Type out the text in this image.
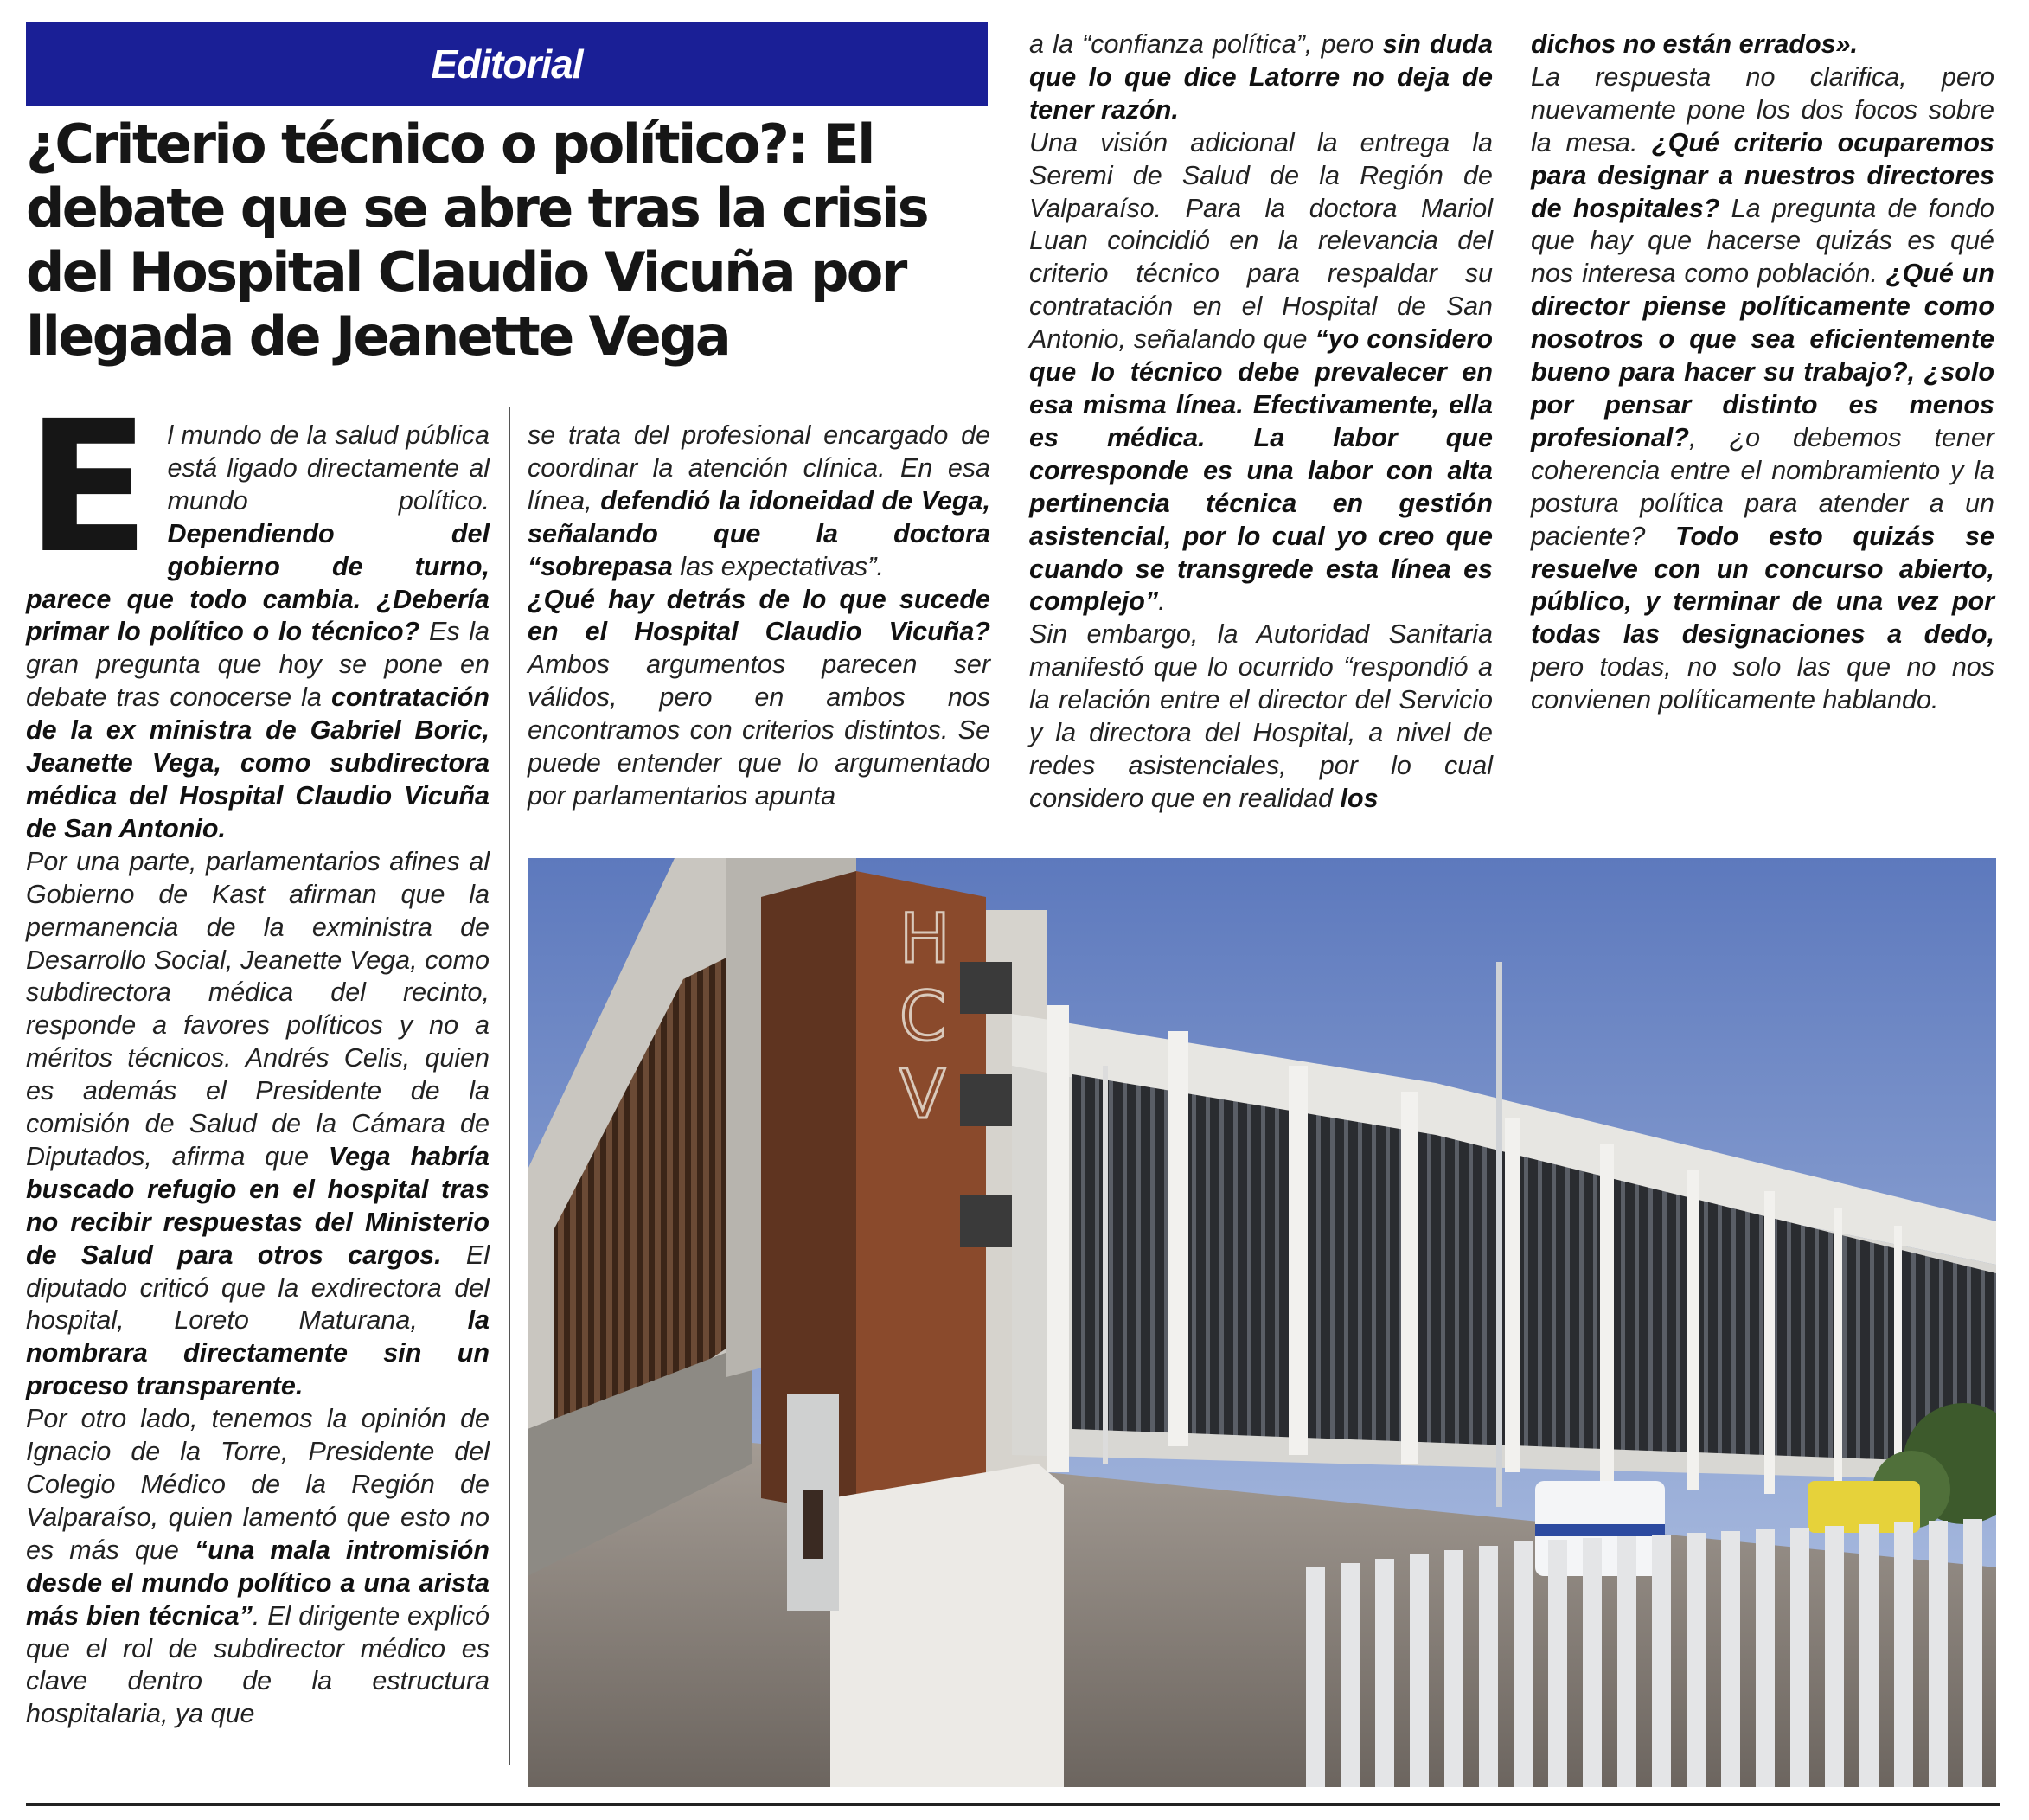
Editorial
¿Criterio técnico o político?: El debate que se abre tras la crisis del Hospital Claudio Vicuña por llegada de Jeanette Vega

El mundo de la salud pública está ligado directamente al mundo político. Dependiendo del gobierno de turno, parece que todo cambia. ¿Debería primar lo político o lo técnico? Es la gran pregunta que hoy se pone en debate tras conocerse la contratación de la ex ministra de Gabriel Boric, Jeanette Vega, como subdirectora médica del Hospital Claudio Vicuña de San Antonio.

Por una parte, parlamentarios afines al Gobierno de Kast afirman que la permanencia de la exministra de Desarrollo Social, Jeanette Vega, como subdirectora médica del recinto, responde a favores políticos y no a méritos técnicos. Andrés Celis, quien es además el Presidente de la comisión de Salud de la Cámara de Diputados, afirma que Vega habría buscado refugio en el hospital tras no recibir respuestas del Ministerio de Salud para otros cargos. El diputado criticó que la exdirectora del hospital, Loreto Maturana, la nombrara directamente sin un proceso transparente.

Por otro lado, tenemos la opinión de Ignacio de la Torre, Presidente del Colegio Médico de la Región de Valparaíso, quien lamentó que esto no es más que “una mala intromisión desde el mundo político a una arista más bien técnica”. El dirigente explicó que el rol de subdirector médico es clave dentro de la estructura hospitalaria, ya que

se trata del profesional encargado de coordinar la atención clínica. En esa línea, defendió la idoneidad de Vega, señalando que la doctora “sobrepasa las expectativas”.

¿Qué hay detrás de lo que sucede en el Hospital Claudio Vicuña? Ambos argumentos parecen ser válidos, pero en ambos nos encontramos con criterios distintos. Se puede entender que lo argumentado por parlamentarios apunta

a la “confianza política”, pero sin duda que lo que dice Latorre no deja de tener razón.

Una visión adicional la entrega la Seremi de Salud de la Región de Valparaíso. Para la doctora Mariol Luan coincidió en la relevancia del criterio técnico para respaldar su contratación en el Hospital de San Antonio, señalando que “yo considero que lo técnico debe prevalecer en esa misma línea. Efectivamente, ella es médica. La labor que corresponde es una labor con alta pertinencia técnica en gestión asistencial, por lo cual yo creo que cuando se transgrede esta línea es complejo”.

Sin embargo, la Autoridad Sanitaria manifestó que lo ocurrido “respondió a la relación entre el director del Servicio y la directora del Hospital, a nivel de redes asistenciales, por lo cual considero que en realidad los

dichos no están errados».

La respuesta no clarifica, pero nuevamente pone los dos focos sobre la mesa. ¿Qué criterio ocuparemos para designar a nuestros directores de hospitales? La pregunta de fondo que hay que hacerse quizás es qué nos interesa como población. ¿Qué un director piense políticamente como nosotros o que sea eficientemente bueno para hacer su trabajo?, ¿solo por pensar distinto es menos profesional?, ¿o debemos tener coherencia entre el nombramiento y la postura política para atender a un paciente? Todo esto quizás se resuelve con un concurso abierto, público, y terminar de una vez por todas las designaciones a dedo, pero todas, no solo las que no nos convienen políticamente hablando.

H
C
V
